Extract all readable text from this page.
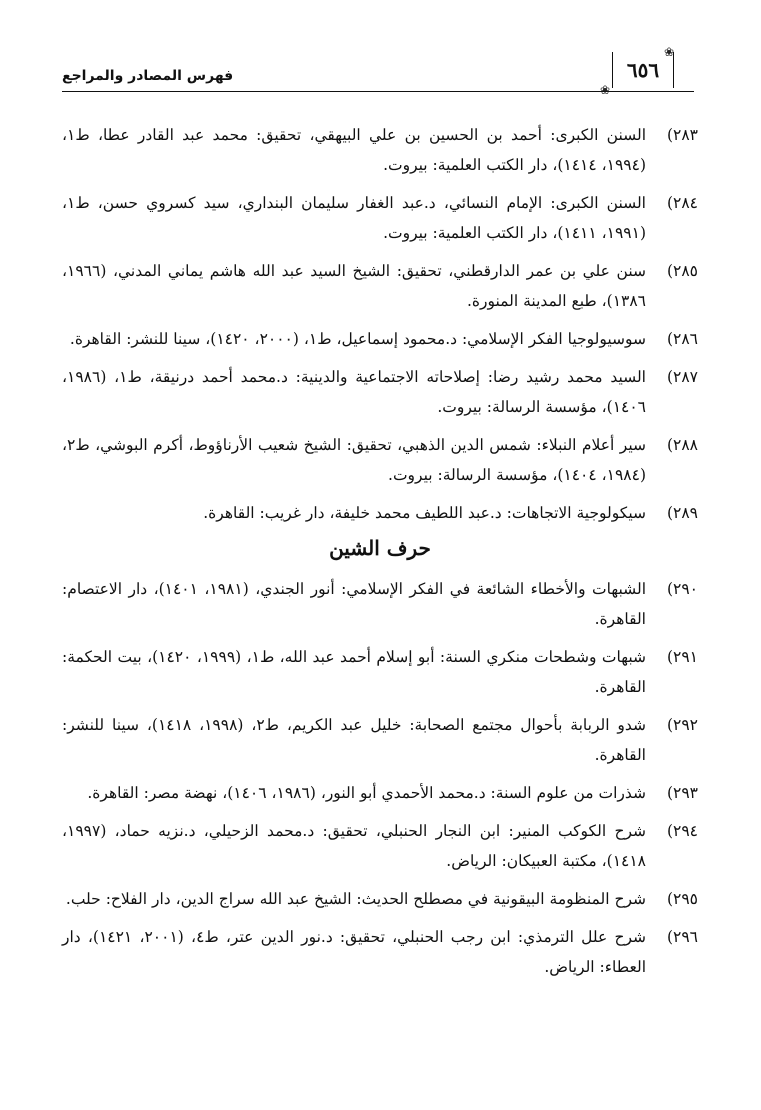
فهرس المصادر والمراجع
❀
٦٥٦
❀
٢٨٣)
السنن الكبرى: أحمد بن الحسين بن علي البيهقي، تحقيق: محمد عبد القادر عطا، ط١، (١٩٩٤، ١٤١٤)، دار الكتب العلمية: بيروت.
٢٨٤)
السنن الكبرى: الإمام النسائي، د.عبد الغفار سليمان البنداري، سيد كسروي حسن، ط١، (١٩٩١، ١٤١١)، دار الكتب العلمية: بيروت.
٢٨٥)
سنن علي بن عمر الدارقطني، تحقيق: الشيخ السيد عبد الله هاشم يماني المدني، (١٩٦٦، ١٣٨٦)، طبع المدينة المنورة.
٢٨٦)
سوسيولوجيا الفكر الإسلامي: د.محمود إسماعيل، ط١، (٢٠٠٠، ١٤٢٠)، سينا للنشر: القاهرة.
٢٨٧)
السيد محمد رشيد رضا: إصلاحاته الاجتماعية والدينية: د.محمد أحمد درنيقة، ط١، (١٩٨٦، ١٤٠٦)، مؤسسة الرسالة: بيروت.
٢٨٨)
سير أعلام النبلاء: شمس الدين الذهبي، تحقيق: الشيخ شعيب الأرناؤوط، أكرم البوشي، ط٢، (١٩٨٤، ١٤٠٤)، مؤسسة الرسالة: بيروت.
٢٨٩)
سيكولوجية الاتجاهات: د.عبد اللطيف محمد خليفة، دار غريب: القاهرة.
حرف الشين
٢٩٠)
الشبهات والأخطاء الشائعة في الفكر الإسلامي: أنور الجندي، (١٩٨١، ١٤٠١)، دار الاعتصام: القاهرة.
٢٩١)
شبهات وشطحات منكري السنة: أبو إسلام أحمد عبد الله، ط١، (١٩٩٩، ١٤٢٠)، بيت الحكمة: القاهرة.
٢٩٢)
شدو الربابة بأحوال مجتمع الصحابة: خليل عبد الكريم، ط٢، (١٩٩٨، ١٤١٨)، سينا للنشر: القاهرة.
٢٩٣)
شذرات من علوم السنة: د.محمد الأحمدي أبو النور، (١٩٨٦، ١٤٠٦)، نهضة مصر: القاهرة.
٢٩٤)
شرح الكوكب المنير: ابن النجار الحنبلي، تحقيق: د.محمد الزحيلي، د.نزيه حماد، (١٩٩٧، ١٤١٨)، مكتبة العبيكان: الرياض.
٢٩٥)
شرح المنظومة البيقونية في مصطلح الحديث: الشيخ عبد الله سراج الدين، دار الفلاح: حلب.
٢٩٦)
شرح علل الترمذي: ابن رجب الحنبلي، تحقيق: د.نور الدين عتر، ط٤، (٢٠٠١، ١٤٢١)، دار العطاء: الرياض.
